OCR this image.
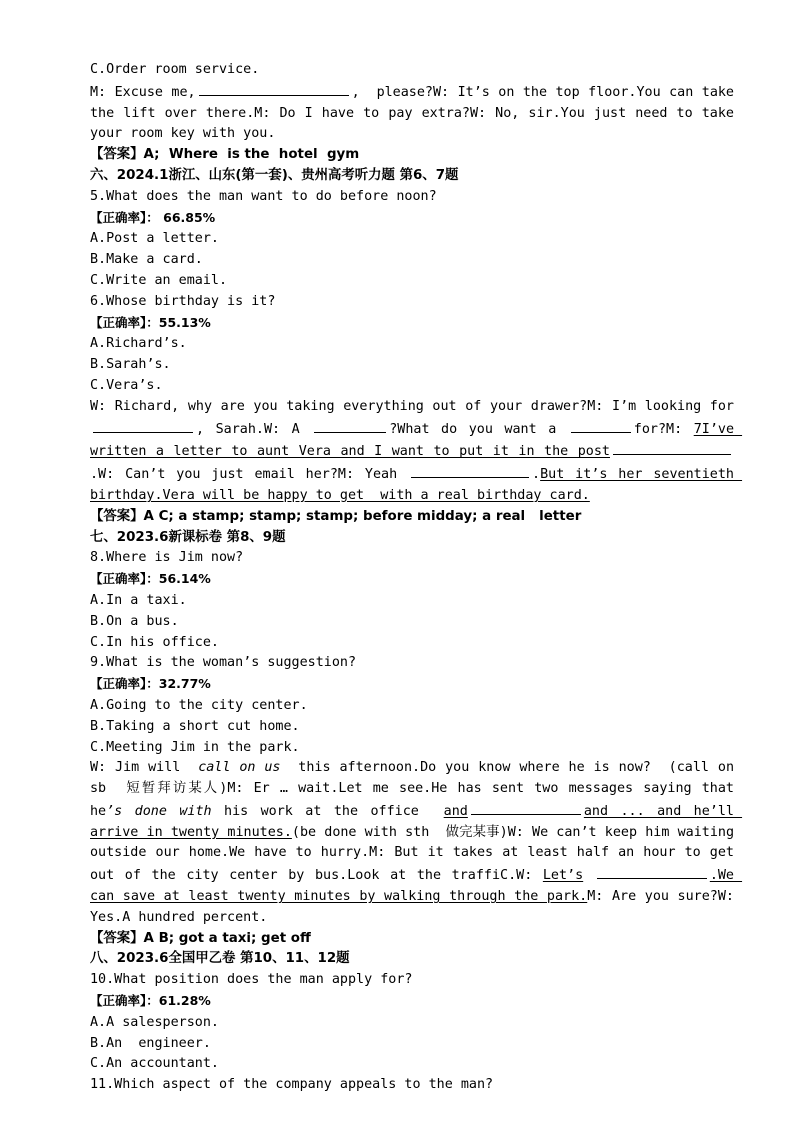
C.Order room service.
M: Excuse me,	, please?W: It’s on the top floor.You can take the lift over there.M: Do I have to pay extra?W: No, sir.You just need to take your room key with you.
【答案】A;  Where  is the  hotel  gym
六、2024.1浙江、山东(第一套)、贵州高考听力题 第6、7题
5.What does the man want to do before noon?
【正确率】： 66.85%
A.Post a letter.
B.Make a card.
C.Write an email.
6.Whose birthday is it?
【正确率】：55.13%
A.Richard’s.
B.Sarah’s.
C.Vera’s.
W: Richard, why are you taking everything out of your drawer?M: I’m looking for , Sarah.W: A	?What do you want a	for?M: 7I’ve written a letter to aunt Vera and I want to put it in the post.W: Can’t you just email her?M: Yeah	.But it’s her seventieth birthday.Vera will be happy to get  with a real birthday card.
【答案】A C; a stamp; stamp; stamp; before midday; a real   letter
七、2023.6新课标卷 第8、9题
8.Where is Jim now?
【正确率】：56.14%
A.In a taxi.
B.On a bus.
C.In his office.
9.What is the woman’s suggestion?
【正确率】：32.77%
A.Going to the city center.
B.Taking a short cut home.
C.Meeting Jim in the park.
W: Jim will  call on us  this afternoon.Do you know where he is now?  (call on sb  短暂拜访某人)M: Er … wait.Let me see.He has sent two messages saying that he’s done with his work at the office  and	and ... and he’ll arrive in twenty minutes.(be done with sth  做完某事)W: We can’t keep him waiting outside our home.We have to hurry.M: But it takes at least half an hour to get out of the city center by bus.Look at the traffiC.W: Let’s	.We can save at least twenty minutes by walking through the park.M: Are you sure?W: Yes.A hundred percent.
【答案】A B; got a taxi; get off
八、2023.6全国甲乙卷 第10、11、12题
10.What position does the man apply for?
【正确率】：61.28%
A.A salesperson.
B.An  engineer.
C.An accountant.
11.Which aspect of the company appeals to the man?
